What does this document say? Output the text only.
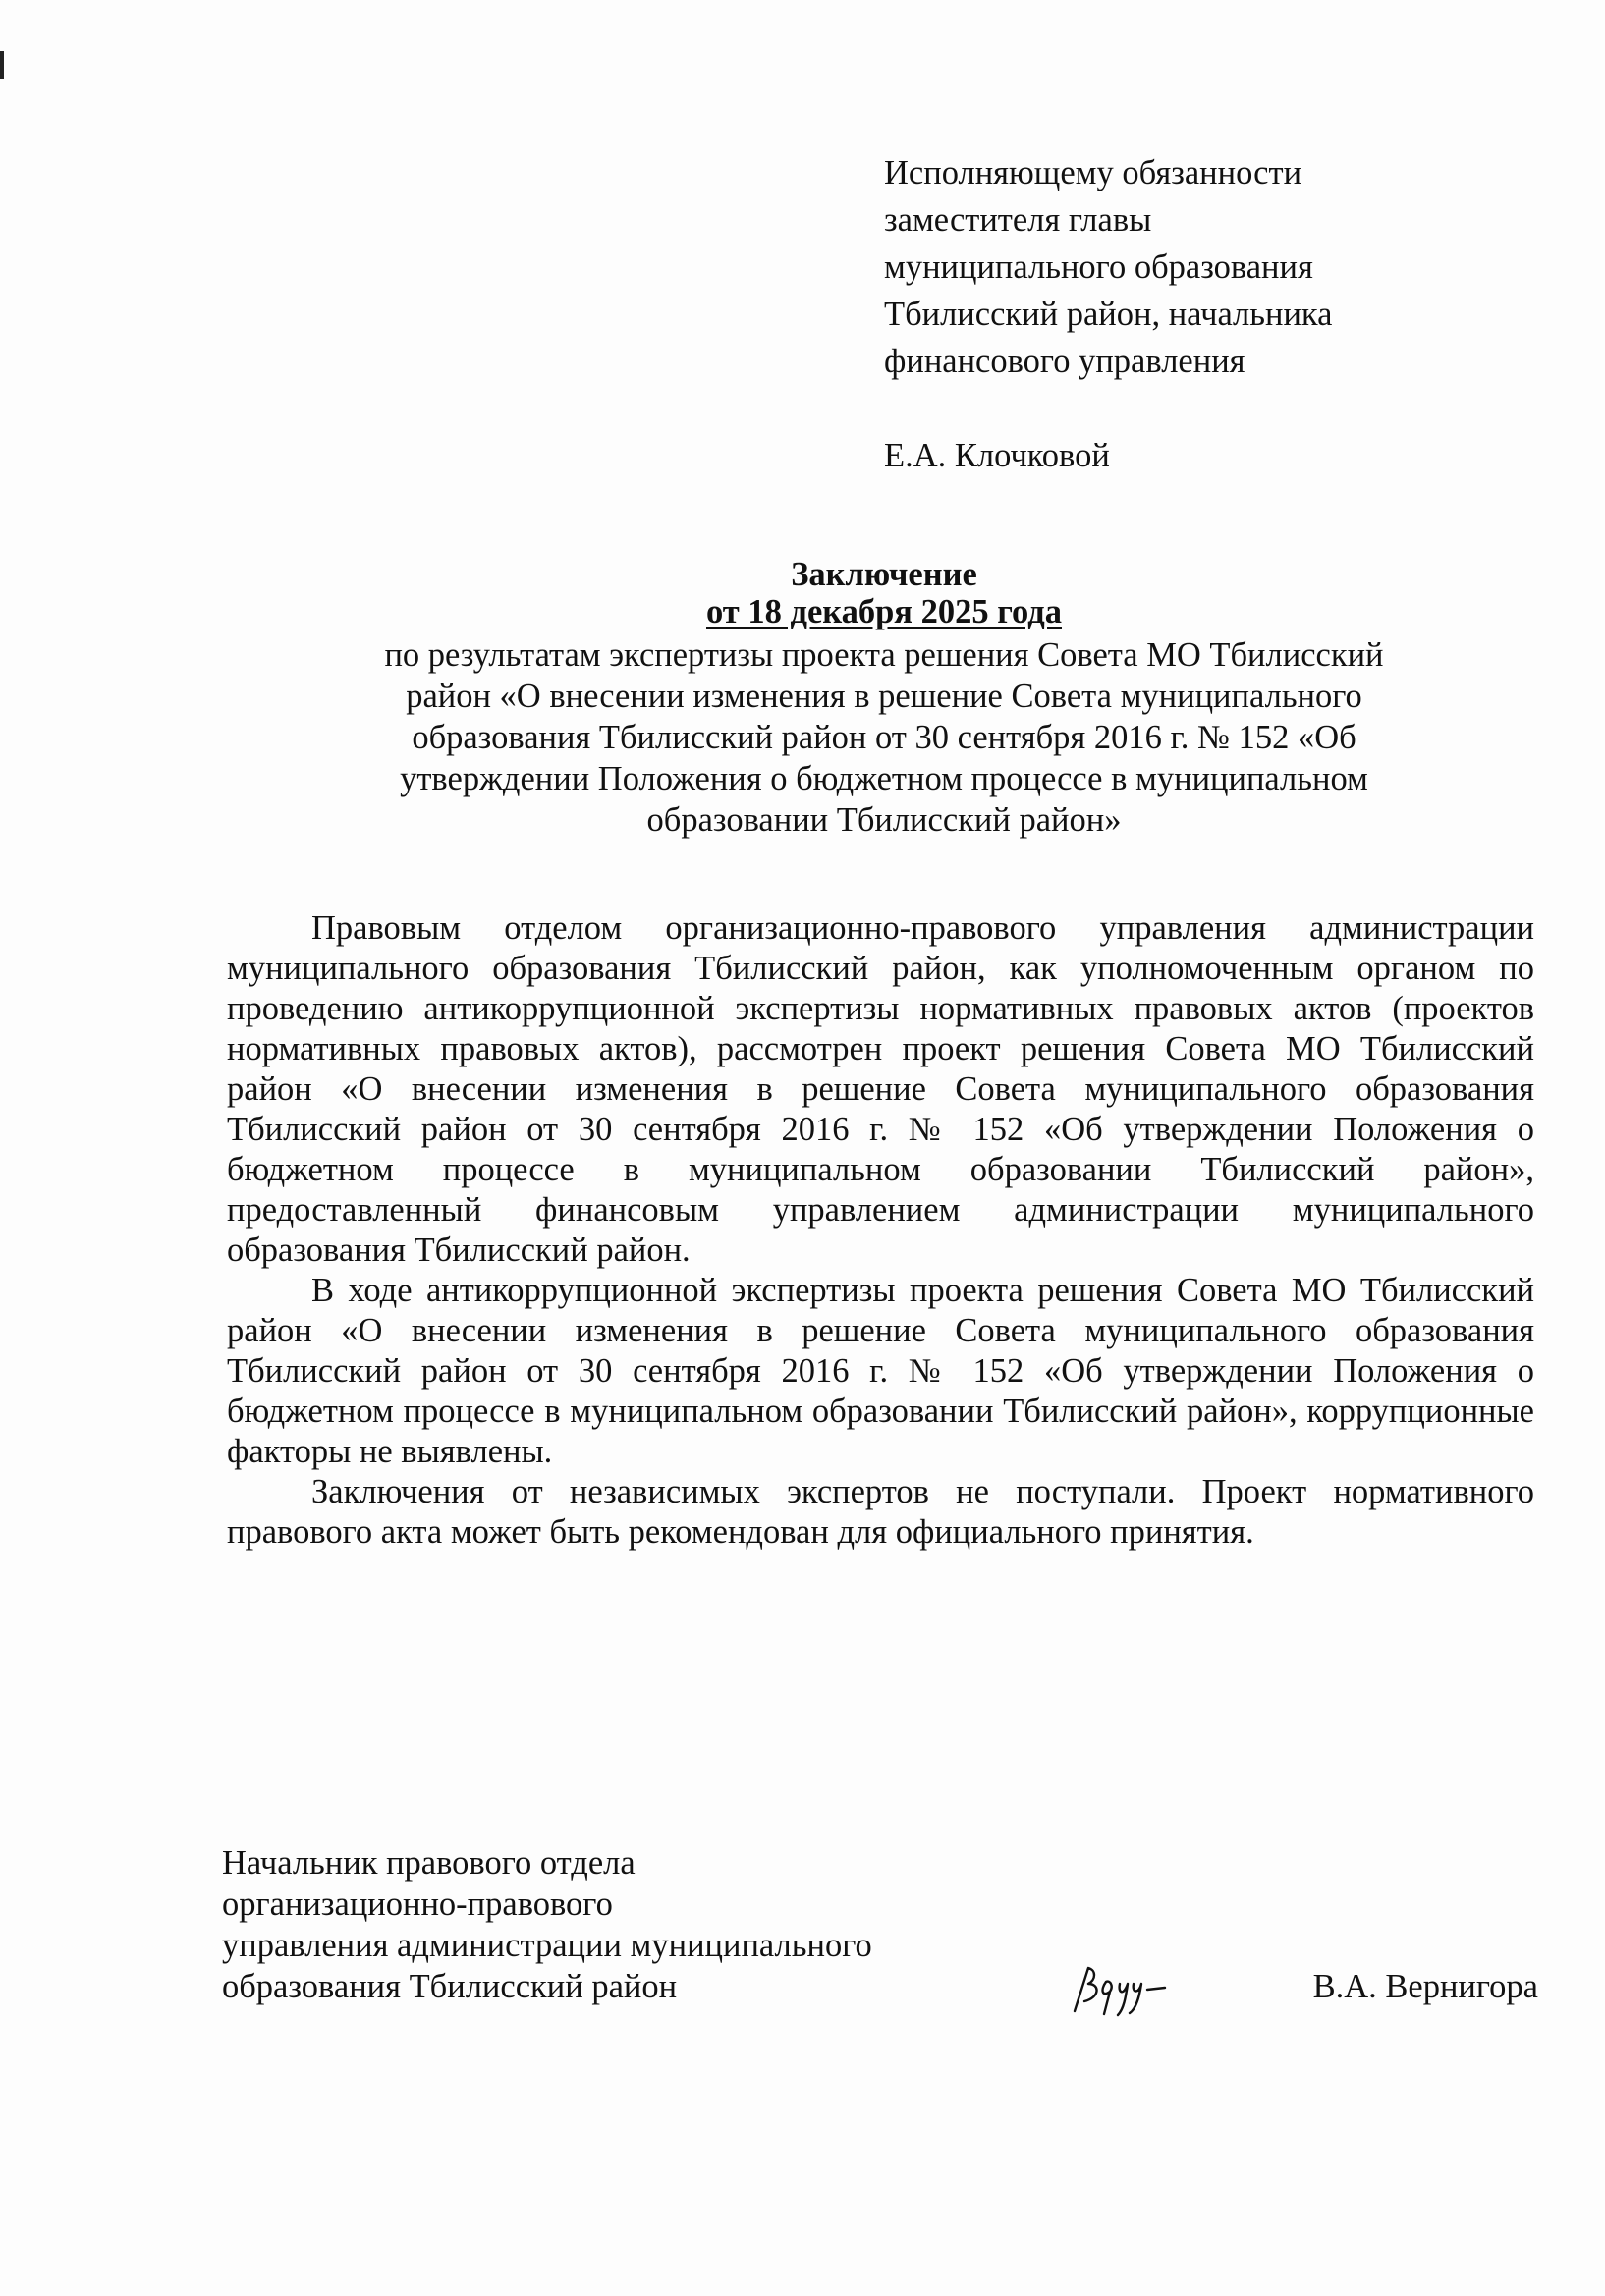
Исполняющему обязанности
заместителя главы
муниципального образования
Тбилисский район, начальника
финансового управления
Е.А. Клочковой
Заключение
от 18 декабря 2025 года
по результатам экспертизы проекта решения Совета МО Тбилисский
район «О внесении изменения в решение Совета муниципального
образования Тбилисский район от 30 сентября 2016 г. № 152 «Об
утверждении Положения о бюджетном процессе в муниципальном
образовании Тбилисский район»

Правовым отделом организационно-правового управления администрации муниципального образования Тбилисский район, как уполномоченным органом по проведению антикоррупционной экспертизы нормативных правовых актов (проектов нормативных правовых актов), рассмотрен проект решения Совета МО Тбилисский район «О внесении изменения в решение Совета муниципального образования Тбилисский район от 30 сентября 2016 г. № 152 «Об утверждении Положения о бюджетном процессе в муниципальном образовании Тбилисский район», предоставленный финансовым управлением администрации муниципального образования Тбилисский район.

В ходе антикоррупционной экспертизы проекта решения Совета МО Тбилисский район «О внесении изменения в решение Совета муниципального образования Тбилисский район от 30 сентября 2016 г. № 152 «Об утверждении Положения о бюджетном процессе в муниципальном образовании Тбилисский район», коррупционные факторы не выявлены.

Заключения от независимых экспертов не поступали. Проект нормативного правового акта может быть рекомендован для официального принятия.

Начальник правового отдела
организационно-правового
управления администрации муниципального
образования Тбилисский район	В.А. Вернигора
